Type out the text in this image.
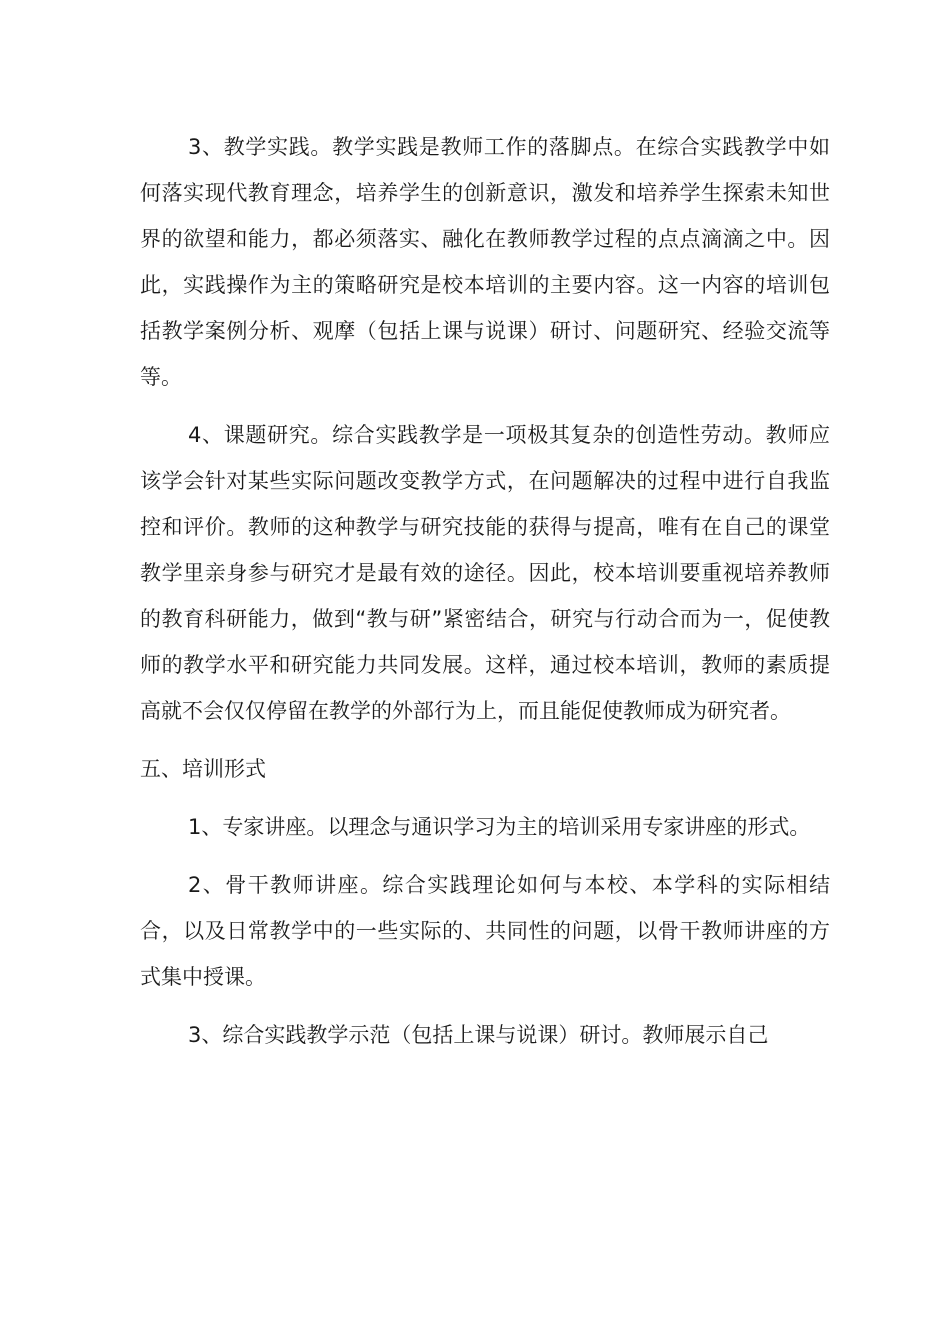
3、教学实践。教学实践是教师工作的落脚点。在综合实践教学中如何落实现代教育理念，培养学生的创新意识，激发和培养学生探索未知世界的欲望和能力，都必须落实、融化在教师教学过程的点点滴滴之中。因此，实践操作为主的策略研究是校本培训的主要内容。这一内容的培训包括教学案例分析、观摩（包括上课与说课）研讨、问题研究、经验交流等等。

4、课题研究。综合实践教学是一项极其复杂的创造性劳动。教师应该学会针对某些实际问题改变教学方式，在问题解决的过程中进行自我监控和评价。教师的这种教学与研究技能的获得与提高，唯有在自己的课堂教学里亲身参与研究才是最有效的途径。因此，校本培训要重视培养教师的教育科研能力，做到“教与研”紧密结合，研究与行动合而为一，促使教师的教学水平和研究能力共同发展。这样，通过校本培训，教师的素质提高就不会仅仅停留在教学的外部行为上，而且能促使教师成为研究者。

五、培训形式

1、专家讲座。以理念与通识学习为主的培训采用专家讲座的形式。

2、骨干教师讲座。综合实践理论如何与本校、本学科的实际相结合，以及日常教学中的一些实际的、共同性的问题，以骨干教师讲座的方式集中授课。

3、综合实践教学示范（包括上课与说课）研讨。教师展示自己
